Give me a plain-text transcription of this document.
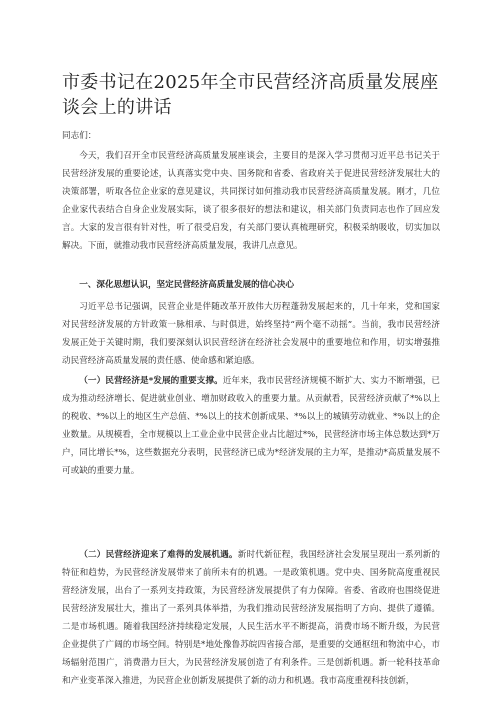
市委书记在2025年全市民营经济高质量发展座谈会上的讲话
同志们：

今天，我们召开全市民营经济高质量发展座谈会，主要目的是深入学习贯彻习近平总书记关于民营经济发展的重要论述，认真落实党中央、国务院和省委、省政府关于促进民营经济发展壮大的决策部署，听取各位企业家的意见建议，共同探讨如何推动我市民营经济高质量发展。刚才，几位企业家代表结合自身企业发展实际，谈了很多很好的想法和建议，相关部门负责同志也作了回应发言。大家的发言很有针对性，听了很受启发，有关部门要认真梳理研究，积极采纳吸收，切实加以解决。下面，就推动我市民营经济高质量发展，我讲几点意见。

一、深化思想认识，坚定民营经济高质量发展的信心决心

习近平总书记强调，民营企业是伴随改革开放伟大历程蓬勃发展起来的，几十年来，党和国家对民营经济发展的方针政策一脉相承、与时俱进，始终坚持“两个毫不动摇”。当前，我市民营经济发展正处于关键时期，我们要深刻认识民营经济在经济社会发展中的重要地位和作用，切实增强推动民营经济高质量发展的责任感、使命感和紧迫感。

（一）民营经济是*发展的重要支撑。近年来，我市民营经济规模不断扩大、实力不断增强，已成为推动经济增长、促进就业创业、增加财政收入的重要力量。从贡献看，民营经济贡献了*%以上的税收、*%以上的地区生产总值、*%以上的技术创新成果、*%以上的城镇劳动就业、*%以上的企业数量。从规模看，全市规模以上工业企业中民营企业占比超过*%，民营经济市场主体总数达到*万户，同比增长*%，这些数据充分表明，民营经济已成为*经济发展的主力军，是推动*高质量发展不可或缺的重要力量。

（二）民营经济迎来了难得的发展机遇。新时代新征程，我国经济社会发展呈现出一系列新的特征和趋势，为民营经济发展带来了前所未有的机遇。一是政策机遇。党中央、国务院高度重视民营经济发展，出台了一系列支持政策，为民营经济发展提供了有力保障。省委、省政府也围绕促进民营经济发展壮大，推出了一系列具体举措，为我们推动民营经济发展指明了方向、提供了遵循。二是市场机遇。随着我国经济持续稳定发展，人民生活水平不断提高，消费市场不断升级，为民营企业提供了广阔的市场空间。特别是*地处豫鲁苏皖四省接合部，是重要的交通枢纽和物流中心，市场辐射范围广，消费潜力巨大，为民营经济发展创造了有利条件。三是创新机遇。新一轮科技革命和产业变革深入推进，为民营企业创新发展提供了新的动力和机遇。我市高度重视科技创新，
